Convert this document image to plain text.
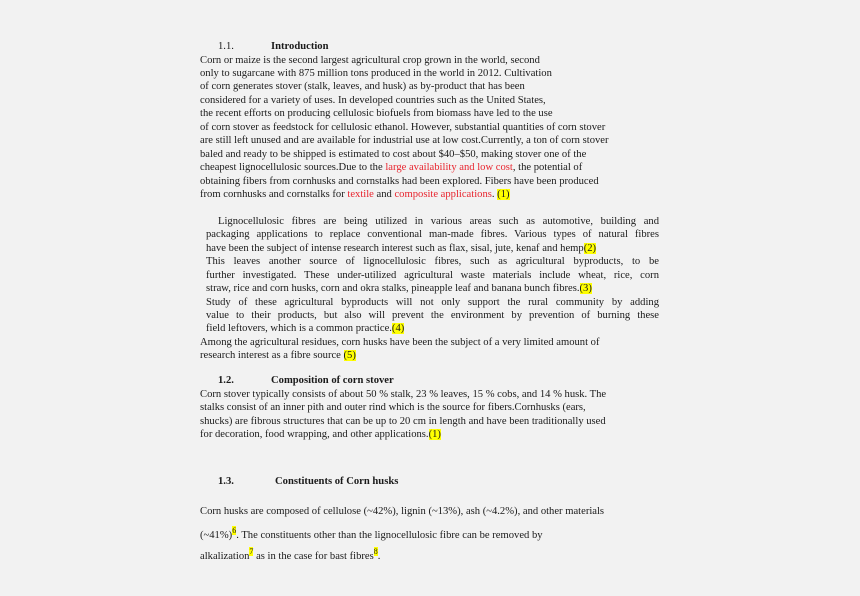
1.1.	Introduction
Corn or maize is the second largest agricultural crop grown in the world, second
only to sugarcane with 875 million tons produced in the world in 2012. Cultivation
of corn generates stover (stalk, leaves, and husk) as by-product that has been
considered for a variety of uses. In developed countries such as the United States,
the recent efforts on producing cellulosic biofuels from biomass have led to the use
of corn stover as feedstock for cellulosic ethanol. However, substantial quantities of corn stover
are still left unused and are available for industrial use at low cost.Currently, a ton of corn stover
baled and ready to be shipped is estimated to cost about $40–$50, making stover one of the
cheapest lignocellulosic sources.Due to the large availability and low cost, the potential of
obtaining fibers from cornhusks and cornstalks had been explored. Fibers have been produced
from cornhusks and cornstalks for textile and composite applications. (1)
Lignocellulosic fibres are being utilized in various areas such as automotive, building and
packaging applications to replace conventional man-made fibres. Various types of natural fibres
have been the subject of intense research interest such as flax, sisal, jute, kenaf and hemp(2)
This leaves another source of lignocellulosic fibres, such as agricultural byproducts, to be
further investigated. These under-utilized agricultural waste materials include wheat, rice, corn
straw, rice and corn husks, corn and okra stalks, pineapple leaf and banana bunch fibres.(3)
Study of these agricultural byproducts will not only support the rural community by adding
value to their products, but also will prevent the environment by prevention of burning these
field leftovers, which is a common practice.(4)
Among the agricultural residues, corn husks have been the subject of a very limited amount of
research interest as a fibre source (5)
1.2.	Composition of corn stover
Corn stover typically consists of about 50 % stalk, 23 % leaves, 15 % cobs, and 14 % husk. The
stalks consist of an inner pith and outer rind which is the source for fibers.Cornhusks (ears,
shucks) are fibrous structures that can be up to 20 cm in length and have been traditionally used
for decoration, food wrapping, and other applications.(1)
1.3.	Constituents of Corn husks
Corn husks are composed of cellulose (~42%), lignin (~13%), ash (~4.2%), and other materials
(~41%)$^6$. The constituents other than the lignocellulosic fibre can be removed by
alkalization$^7$ as in the case for bast fibres$^8$.
